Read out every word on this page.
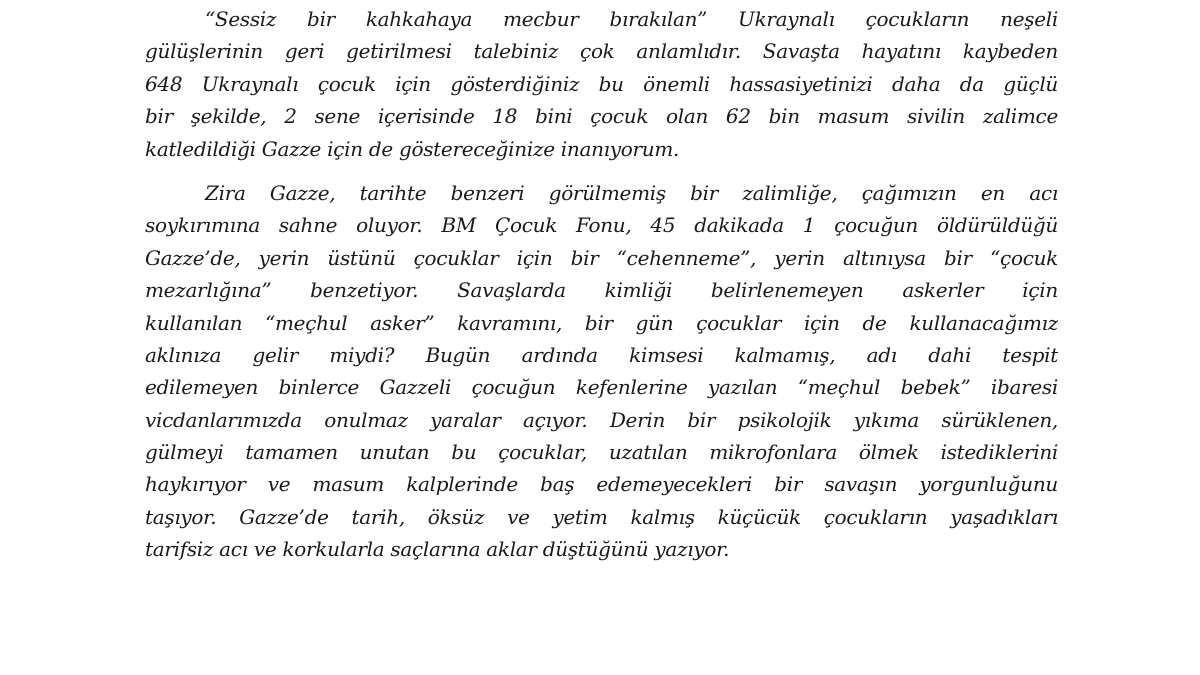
“Sessiz bir kahkahaya mecbur bırakılan” Ukraynalı çocukların neşeli
gülüşlerinin geri getirilmesi talebiniz çok anlamlıdır. Savaşta hayatını kaybeden
648 Ukraynalı çocuk için gösterdiğiniz bu önemli hassasiyetinizi daha da güçlü
bir şekilde, 2 sene içerisinde 18 bini çocuk olan 62 bin masum sivilin zalimce
katledildiği Gazze için de göstereceğinize inanıyorum.
Zira Gazze, tarihte benzeri görülmemiş bir zalimliğe, çağımızın en acı
soykırımına sahne oluyor. BM Çocuk Fonu, 45 dakikada 1 çocuğun öldürüldüğü
Gazze’de, yerin üstünü çocuklar için bir “cehenneme”, yerin altınıysa bir “çocuk
mezarlığına” benzetiyor. Savaşlarda kimliği belirlenemeyen askerler için
kullanılan “meçhul asker” kavramını, bir gün çocuklar için de kullanacağımız
aklınıza gelir miydi? Bugün ardında kimsesi kalmamış, adı dahi tespit
edilemeyen binlerce Gazzeli çocuğun kefenlerine yazılan “meçhul bebek” ibaresi
vicdanlarımızda onulmaz yaralar açıyor. Derin bir psikolojik yıkıma sürüklenen,
gülmeyi tamamen unutan bu çocuklar, uzatılan mikrofonlara ölmek istediklerini
haykırıyor ve masum kalplerinde baş edemeyecekleri bir savaşın yorgunluğunu
taşıyor. Gazze’de tarih, öksüz ve yetim kalmış küçücük çocukların yaşadıkları
tarifsiz acı ve korkularla saçlarına aklar düştüğünü yazıyor.
